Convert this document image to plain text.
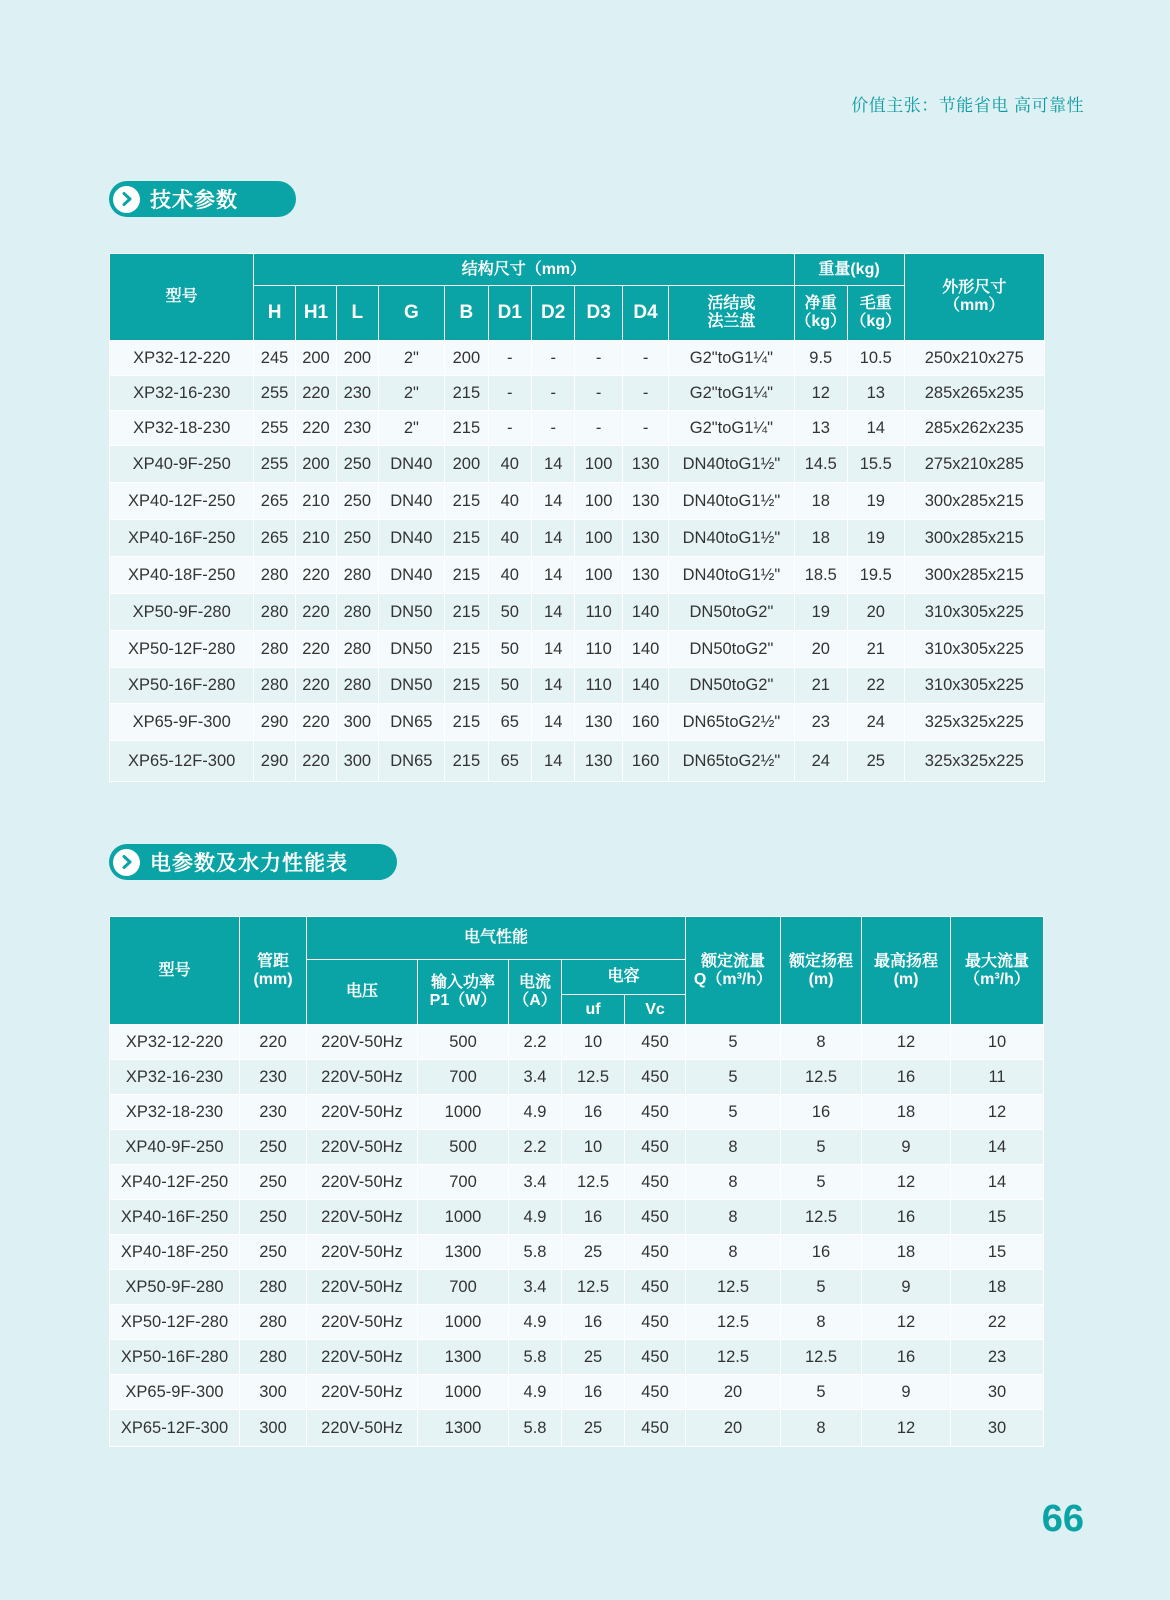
价值主张：节能省电 高可靠性
技术参数
型号	结构尺寸（mm）										重量(kg)		外形尺寸
（mm）
	H	H1	L	G	B	D1	D2	D3	D4	活结或
法兰盘	净重
（kg）	毛重
（kg）	
XP32-12-220	245	200	200	2"	200	-	-	-	-	G2"toG1¼"	9.5	10.5	250x210x275
XP32-16-230	255	220	230	2"	215	-	-	-	-	G2"toG1¼"	12	13	285x265x235
XP32-18-230	255	220	230	2"	215	-	-	-	-	G2"toG1¼"	13	14	285x262x235
XP40-9F-250	255	200	250	DN40	200	40	14	100	130	DN40toG1½"	14.5	15.5	275x210x285
XP40-12F-250	265	210	250	DN40	215	40	14	100	130	DN40toG1½"	18	19	300x285x215
XP40-16F-250	265	210	250	DN40	215	40	14	100	130	DN40toG1½"	18	19	300x285x215
XP40-18F-250	280	220	280	DN40	215	40	14	100	130	DN40toG1½"	18.5	19.5	300x285x215
XP50-9F-280	280	220	280	DN50	215	50	14	110	140	DN50toG2"	19	20	310x305x225
XP50-12F-280	280	220	280	DN50	215	50	14	110	140	DN50toG2"	20	21	310x305x225
XP50-16F-280	280	220	280	DN50	215	50	14	110	140	DN50toG2"	21	22	310x305x225
XP65-9F-300	290	220	300	DN65	215	65	14	130	160	DN65toG2½"	23	24	325x325x225
XP65-12F-300	290	220	300	DN65	215	65	14	130	160	DN65toG2½"	24	25	325x325x225
电参数及水力性能表
型号	管距
(mm)	电气性能					额定流量
Q（m³/h）	额定扬程
(m)	最高扬程
(m)	最大流量
（m³/h）
		电压	输入功率
P1（W）	电流
（A）	电容					
					uf	Vc				
XP32-12-220	220	220V-50Hz	500	2.2	10	450	5	8	12	10
XP32-16-230	230	220V-50Hz	700	3.4	12.5	450	5	12.5	16	11
XP32-18-230	230	220V-50Hz	1000	4.9	16	450	5	16	18	12
XP40-9F-250	250	220V-50Hz	500	2.2	10	450	8	5	9	14
XP40-12F-250	250	220V-50Hz	700	3.4	12.5	450	8	5	12	14
XP40-16F-250	250	220V-50Hz	1000	4.9	16	450	8	12.5	16	15
XP40-18F-250	250	220V-50Hz	1300	5.8	25	450	8	16	18	15
XP50-9F-280	280	220V-50Hz	700	3.4	12.5	450	12.5	5	9	18
XP50-12F-280	280	220V-50Hz	1000	4.9	16	450	12.5	8	12	22
XP50-16F-280	280	220V-50Hz	1300	5.8	25	450	12.5	12.5	16	23
XP65-9F-300	300	220V-50Hz	1000	4.9	16	450	20	5	9	30
XP65-12F-300	300	220V-50Hz	1300	5.8	25	450	20	8	12	30
66
